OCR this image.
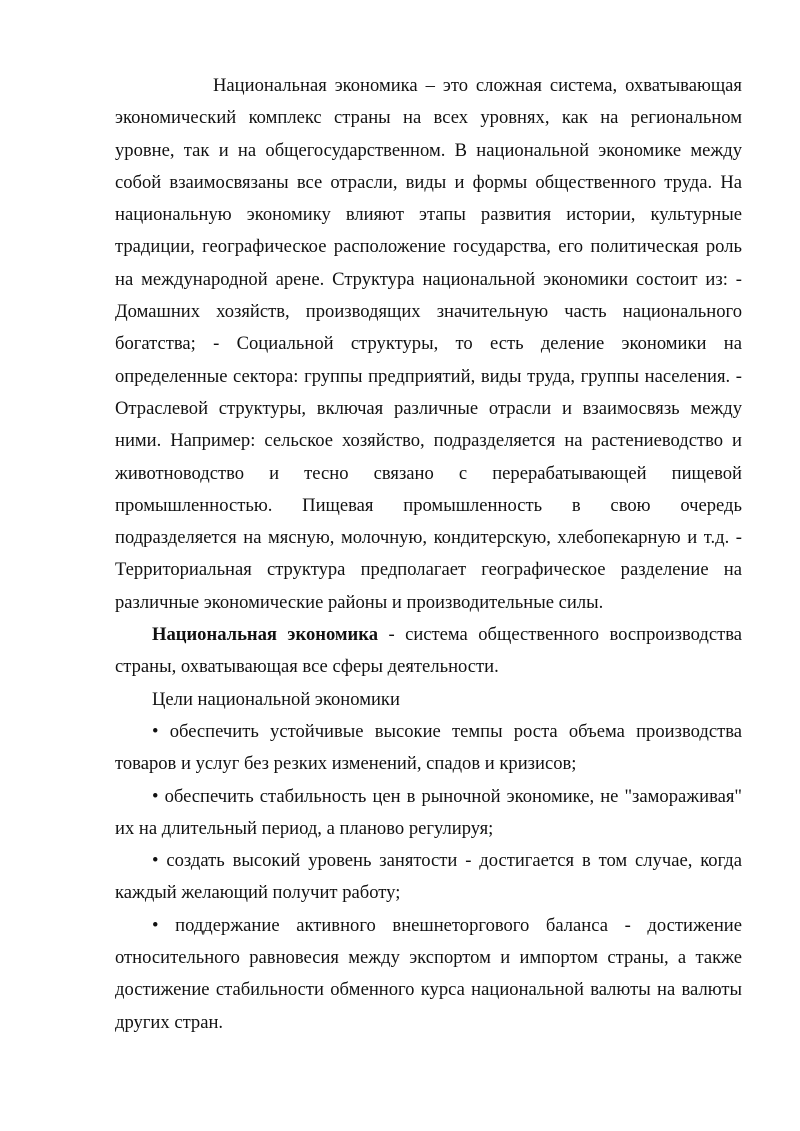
Национальная экономика – это сложная система, охватывающая экономический комплекс страны на всех уровнях, как на региональном уровне, так и на общегосударственном. В национальной экономике между собой взаимосвязаны все отрасли, виды и формы общественного труда. На национальную экономику влияют этапы развития истории, культурные традиции, географическое расположение государства, его политическая роль на международной арене. Структура национальной экономики состоит из: - Домашних хозяйств, производящих значительную часть национального богатства; - Социальной структуры, то есть деление экономики на определенные сектора: группы предприятий, виды труда, группы населения. - Отраслевой структуры, включая различные отрасли и взаимосвязь между ними. Например: сельское хозяйство, подразделяется на растениеводство и животноводство и тесно связано с перерабатывающей пищевой промышленностью. Пищевая промышленность в свою очередь подразделяется на мясную, молочную, кондитерскую, хлебопекарную и т.д. - Территориальная структура предполагает географическое разделение на различные экономические районы и производительные силы.

Национальная экономика - система общественного воспроизводства страны, охватывающая все сферы деятельности.

Цели национальной экономики

• обеспечить устойчивые высокие темпы роста объема производства товаров и услуг без резких изменений, спадов и кризисов;

• обеспечить стабильность цен в рыночной экономике, не "замораживая" их на длительный период, а планово регулируя;

• создать высокий уровень занятости - достигается в том случае, когда каждый желающий получит работу;

• поддержание активного внешнеторгового баланса - достижение относительного равновесия между экспортом и импортом страны, а также достижение стабильности обменного курса национальной валюты на валюты других стран.
